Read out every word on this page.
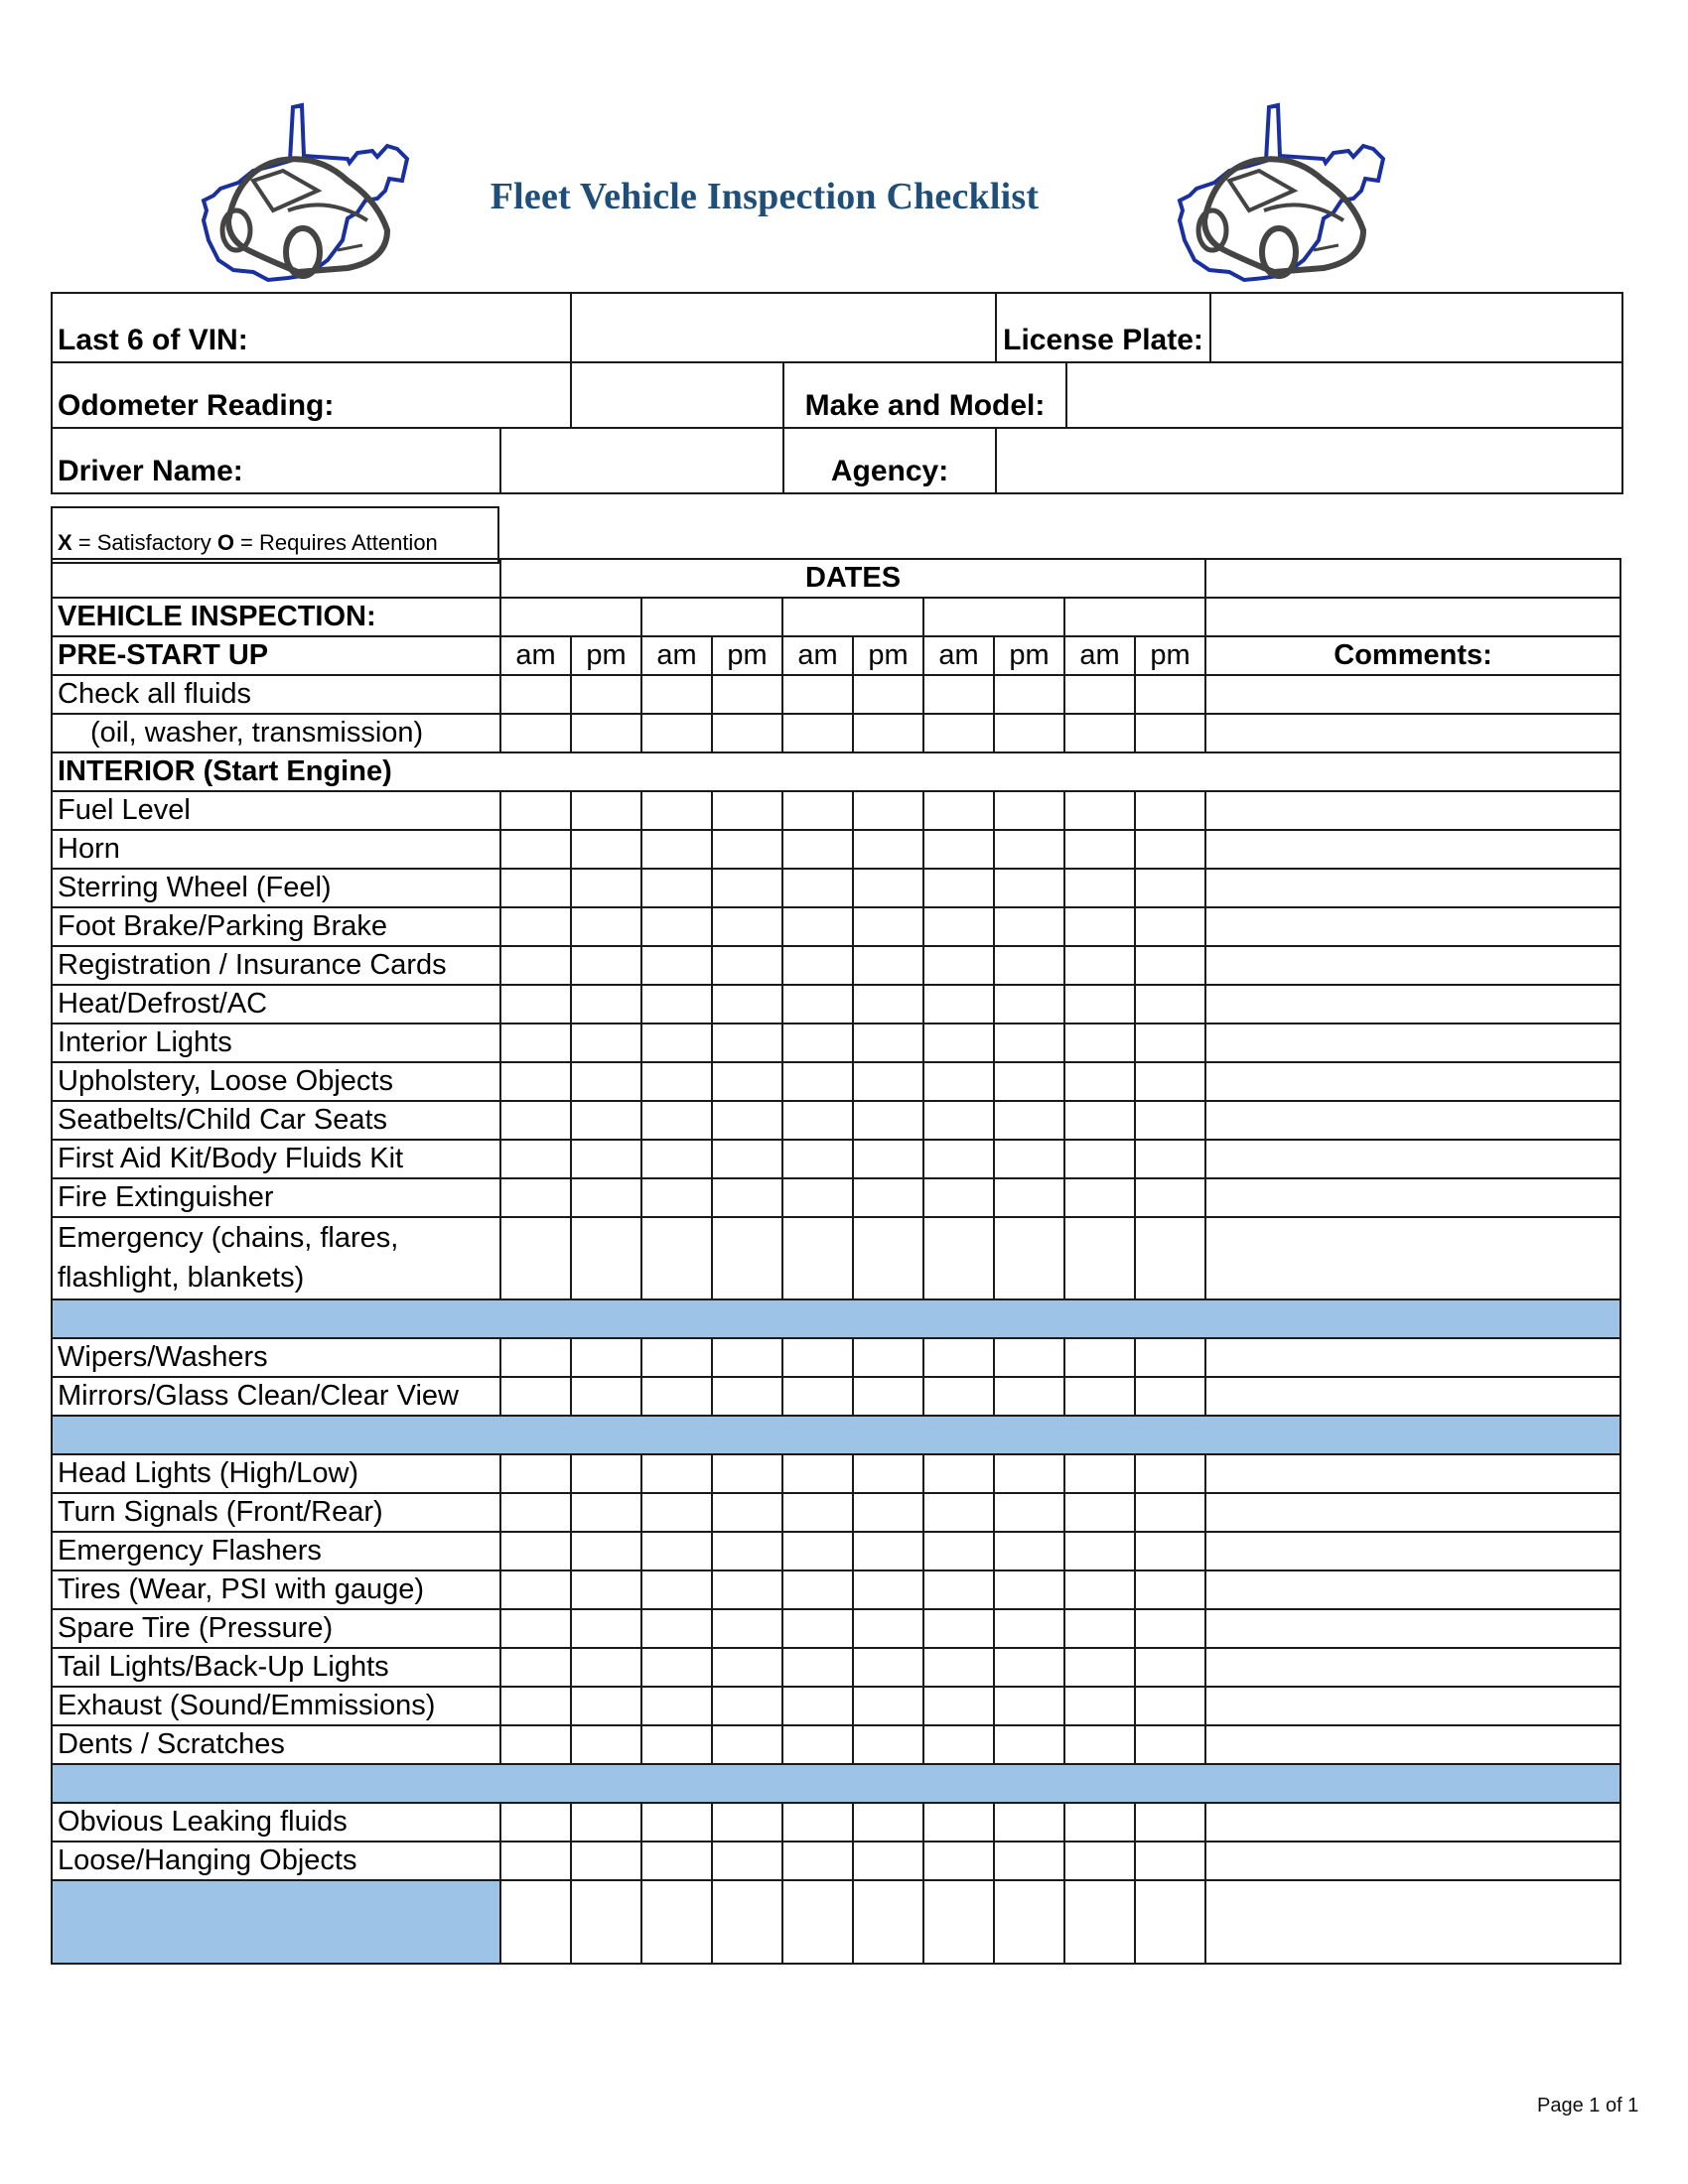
Fleet Vehicle Inspection Checklist
Last 6 of VIN:				License Plate:		
Odometer Reading:			Make and Model:			
Driver Name:			Agency:			
X = Satisfactory O = Requires Attention
	DATES										
VEHICLE INSPECTION:											
PRE-START UP	am	pm	am	pm	am	pm	am	pm	am	pm	Comments:
Check all fluids											
(oil, washer, transmission)											
INTERIOR (Start Engine)											
Fuel Level											
Horn											
Sterring Wheel (Feel)											
Foot Brake/Parking Brake											
Registration / Insurance Cards											
Heat/Defrost/AC											
Interior Lights											
Upholstery, Loose Objects											
Seatbelts/Child Car Seats											
First Aid Kit/Body Fluids Kit											
Fire Extinguisher											
Emergency (chains, flares, flashlight, blankets)											

Wipers/Washers											
Mirrors/Glass Clean/Clear View											

Head Lights (High/Low)											
Turn Signals (Front/Rear)											
Emergency Flashers											
Tires (Wear, PSI with gauge)											
Spare Tire (Pressure)											
Tail Lights/Back-Up Lights											
Exhaust (Sound/Emmissions)											
Dents / Scratches											

Obvious Leaking fluids											
Loose/Hanging Objects											

Page 1 of 1
